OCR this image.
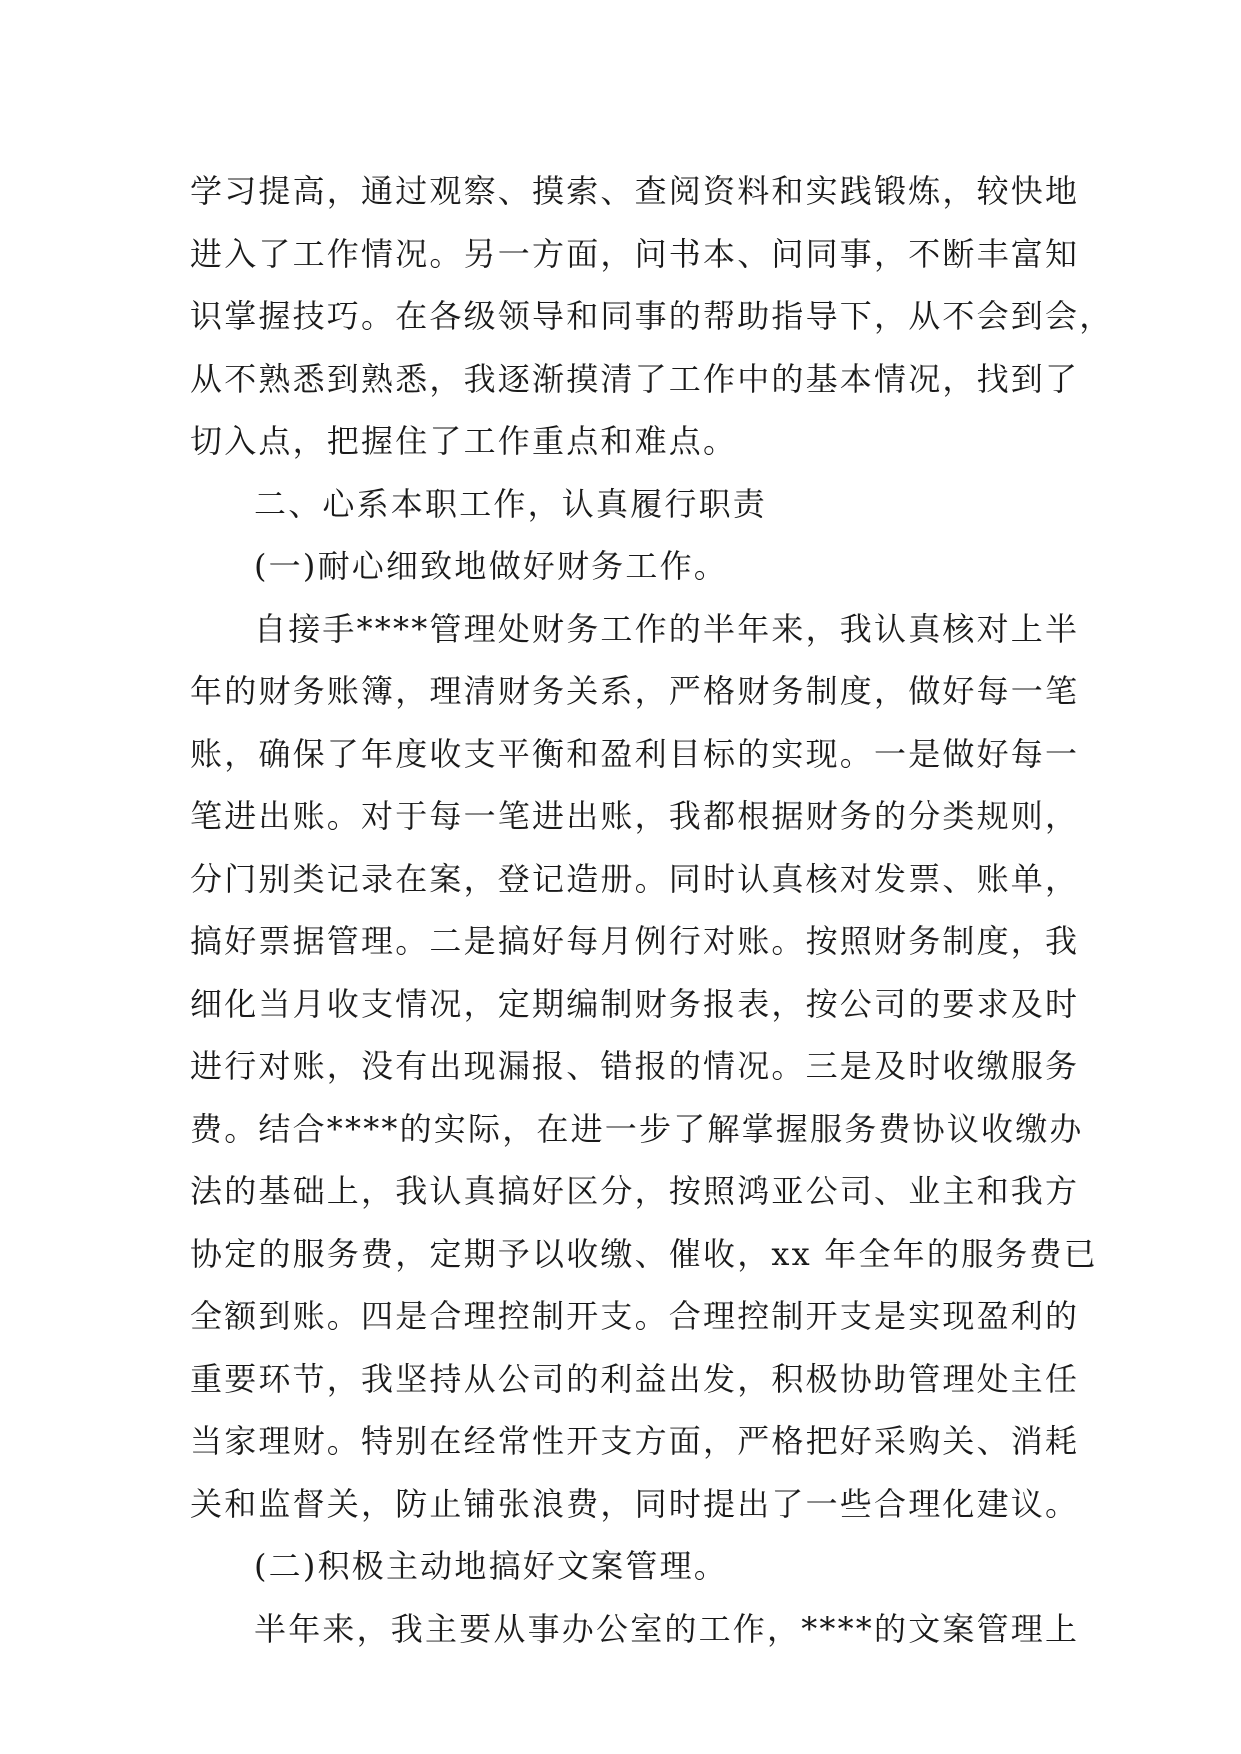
学习提高，通过观察、摸索、查阅资料和实践锻炼，较快地
进入了工作情况。另一方面，问书本、问同事，不断丰富知
识掌握技巧。在各级领导和同事的帮助指导下，从不会到会，
从不熟悉到熟悉，我逐渐摸清了工作中的基本情况，找到了
切入点，把握住了工作重点和难点。
二、心系本职工作，认真履行职责
(一)耐心细致地做好财务工作。
自接手****管理处财务工作的半年来，我认真核对上半
年的财务账簿，理清财务关系，严格财务制度，做好每一笔
账，确保了年度收支平衡和盈利目标的实现。一是做好每一
笔进出账。对于每一笔进出账，我都根据财务的分类规则，
分门别类记录在案，登记造册。同时认真核对发票、账单，
搞好票据管理。二是搞好每月例行对账。按照财务制度，我
细化当月收支情况，定期编制财务报表，按公司的要求及时
进行对账，没有出现漏报、错报的情况。三是及时收缴服务
费。结合****的实际，在进一步了解掌握服务费协议收缴办
法的基础上，我认真搞好区分，按照鸿亚公司、业主和我方
协定的服务费，定期予以收缴、催收，xx 年全年的服务费已
全额到账。四是合理控制开支。合理控制开支是实现盈利的
重要环节，我坚持从公司的利益出发，积极协助管理处主任
当家理财。特别在经常性开支方面，严格把好采购关、消耗
关和监督关，防止铺张浪费，同时提出了一些合理化建议。
(二)积极主动地搞好文案管理。
半年来，我主要从事办公室的工作，****的文案管理上
